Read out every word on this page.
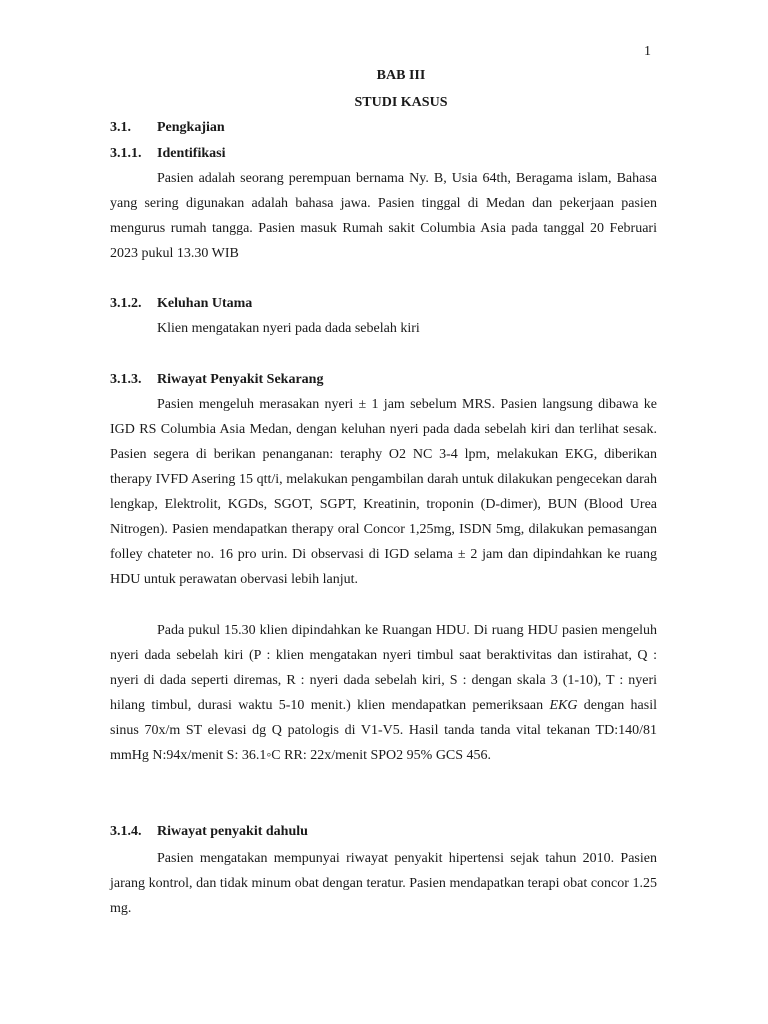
1
BAB III
STUDI KASUS
3.1. Pengkajian
3.1.1. Identifikasi
Pasien adalah seorang perempuan bernama Ny. B, Usia 64th, Beragama islam, Bahasa yang sering digunakan adalah bahasa jawa. Pasien tinggal di Medan dan pekerjaan pasien mengurus rumah tangga. Pasien masuk Rumah sakit Columbia Asia pada tanggal 20 Februari 2023 pukul 13.30 WIB
3.1.2. Keluhan Utama
Klien mengatakan nyeri pada dada sebelah kiri
3.1.3. Riwayat Penyakit Sekarang
Pasien mengeluh merasakan nyeri ± 1 jam sebelum MRS. Pasien langsung dibawa ke IGD RS Columbia Asia Medan, dengan keluhan nyeri pada dada sebelah kiri dan terlihat sesak. Pasien segera di berikan penanganan: teraphy O2 NC 3-4 lpm, melakukan EKG, diberikan therapy IVFD Asering 15 qtt/i, melakukan pengambilan darah untuk dilakukan pengecekan darah lengkap, Elektrolit, KGDs, SGOT, SGPT, Kreatinin, troponin (D-dimer), BUN (Blood Urea Nitrogen). Pasien mendapatkan therapy oral Concor 1,25mg, ISDN 5mg, dilakukan pemasangan folley chateter no. 16 pro urin. Di observasi di IGD selama ± 2 jam dan dipindahkan ke ruang HDU untuk perawatan obervasi lebih lanjut.
Pada pukul 15.30 klien dipindahkan ke Ruangan HDU. Di ruang HDU pasien mengeluh nyeri dada sebelah kiri (P : klien mengatakan nyeri timbul saat beraktivitas dan istirahat, Q : nyeri di dada seperti diremas, R : nyeri dada sebelah kiri, S : dengan skala 3 (1-10), T : nyeri hilang timbul, durasi waktu 5-10 menit.) klien mendapatkan pemeriksaan EKG dengan hasil sinus 70x/m ST elevasi dg Q patologis di V1-V5. Hasil tanda tanda vital tekanan TD:140/81 mmHg N:94x/menit S: 36.1◦C RR: 22x/menit SPO2 95% GCS 456.
3.1.4. Riwayat penyakit dahulu
Pasien mengatakan mempunyai riwayat penyakit hipertensi sejak tahun 2010. Pasien jarang kontrol, dan tidak minum obat dengan teratur. Pasien mendapatkan terapi obat concor 1.25 mg.
